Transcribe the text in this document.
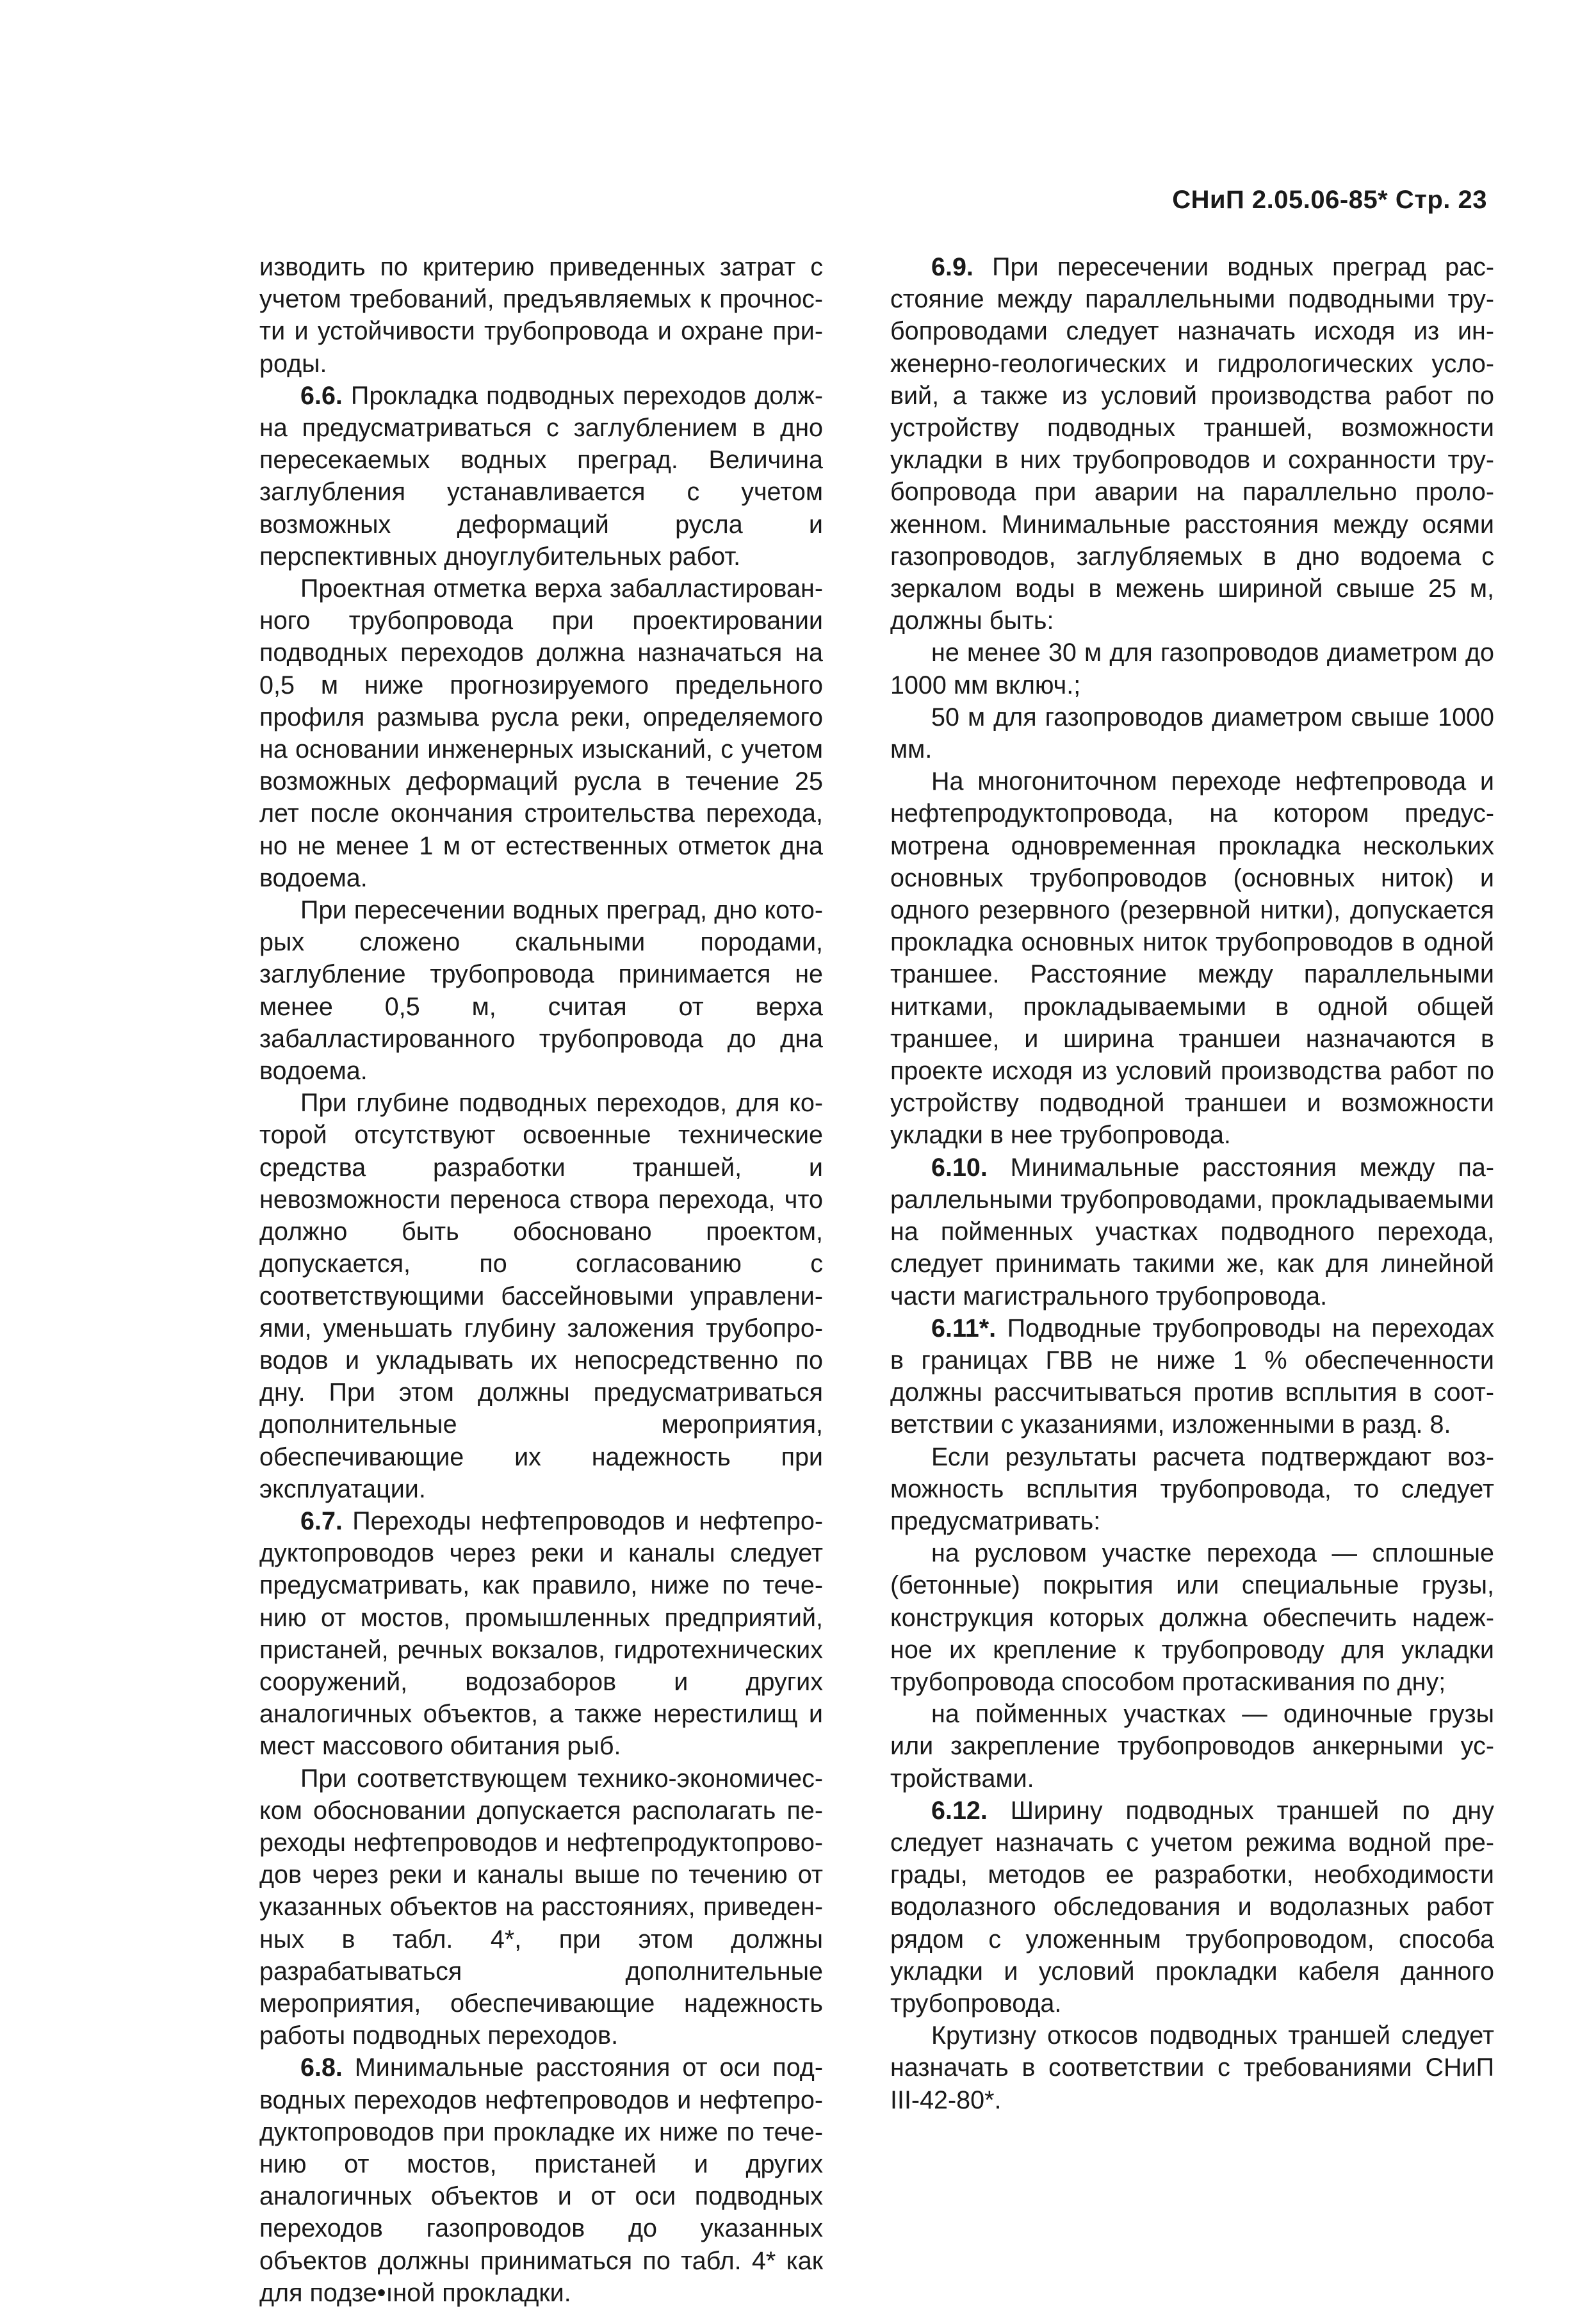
СНиП 2.05.06-85* Стр. 23

изводить по критерию приведенных затрат с учетом требований, предъявляемых к прочности и устойчивости трубопровода и охране природы.

6.6. Прокладка подводных переходов должна предусматриваться с заглублением в дно пересекаемых водных преград. Величина заглубления устанавливается с учетом возможных деформаций русла и перспективных дноуглубительных работ.

Проектная отметка верха забалластированного трубопровода при проектировании подводных переходов должна назначаться на 0,5 м ниже прогнозируемого предельного профиля размыва русла реки, определяемого на основании инженерных изысканий, с учетом возможных деформаций русла в течение 25 лет после окончания строительства перехода, но не менее 1 м от естественных отметок дна водоема.

При пересечении водных преград, дно которых сложено скальными породами, заглубление трубопровода принимается не менее 0,5 м, считая от верха забалластированного трубопровода до дна водоема.

При глубине подводных переходов, для которой отсутствуют освоенные технические средства разработки траншей, и невозможности переноса створа перехода, что должно быть обосновано проектом, допускается, по согласованию с соответствующими бассейновыми управлениями, уменьшать глубину заложения трубопроводов и укладывать их непосредственно по дну. При этом должны предусматриваться дополнительные мероприятия, обеспечивающие их надежность при эксплуатации.

6.7. Переходы нефтепроводов и нефтепродуктопроводов через реки и каналы следует предусматривать, как правило, ниже по течению от мостов, промышленных предприятий, пристаней, речных вокзалов, гидротехнических сооружений, водозаборов и других аналогичных объектов, а также нерестилищ и мест массового обитания рыб.

При соответствующем технико-экономическом обосновании допускается располагать переходы нефтепроводов и нефтепродуктопроводов через реки и каналы выше по течению от указанных объектов на расстояниях, приведенных в табл. 4*, при этом должны разрабатываться дополнительные мероприятия, обеспечивающие надежность работы подводных переходов.

6.8. Минимальные расстояния от оси подводных переходов нефтепроводов и нефтепродуктопроводов при прокладке их ниже по течению от мостов, пристаней и других аналогичных объектов и от оси подводных переходов газопроводов до указанных объектов должны приниматься по табл. 4* как для подзе•ıной прокладки.

6.9. При пересечении водных преград расстояние между параллельными подводными трубопроводами следует назначать исходя из инженерно-геологических и гидрологических условий, а также из условий производства работ по устройству подводных траншей, возможности укладки в них трубопроводов и сохранности трубопровода при аварии на параллельно проложенном. Минимальные расстояния между осями газопроводов, заглубляемых в дно водоема с зеркалом воды в межень шириной свыше 25 м, должны быть:

не менее 30 м для газопроводов диаметром до 1000 мм включ.;

50 м для газопроводов диаметром свыше 1000 мм.

На многониточном переходе нефтепровода и нефтепродуктопровода, на котором предусмотрена одновременная прокладка нескольких основных трубопроводов (основных ниток) и одного резервного (резервной нитки), допускается прокладка основных ниток трубопроводов в одной траншее. Расстояние между параллельными нитками, прокладываемыми в одной общей траншее, и ширина траншеи назначаются в проекте исходя из условий производства работ по устройству подводной траншеи и возможности укладки в нее трубопровода.

6.10. Минимальные расстояния между параллельными трубопроводами, прокладываемыми на пойменных участках подводного перехода, следует принимать такими же, как для линейной части магистрального трубопровода.

6.11*. Подводные трубопроводы на переходах в границах ГВВ не ниже 1 % обеспеченности должны рассчитываться против всплытия в соответствии с указаниями, изложенными в разд. 8.

Если результаты расчета подтверждают возможность всплытия трубопровода, то следует предусматривать:

на русловом участке перехода — сплошные (бетонные) покрытия или специальные грузы, конструкция которых должна обеспечить надежное их крепление к трубопроводу для укладки трубопровода способом протаскивания по дну;

на пойменных участках — одиночные грузы или закрепление трубопроводов анкерными устройствами.

6.12. Ширину подводных траншей по дну следует назначать с учетом режима водной преграды, методов ее разработки, необходимости водолазного обследования и водолазных работ рядом с уложенным трубопроводом, способа укладки и условий прокладки кабеля данного трубопровода.

Крутизну откосов подводных траншей следует назначать в соответствии с требованиями СНиП III-42-80*.
